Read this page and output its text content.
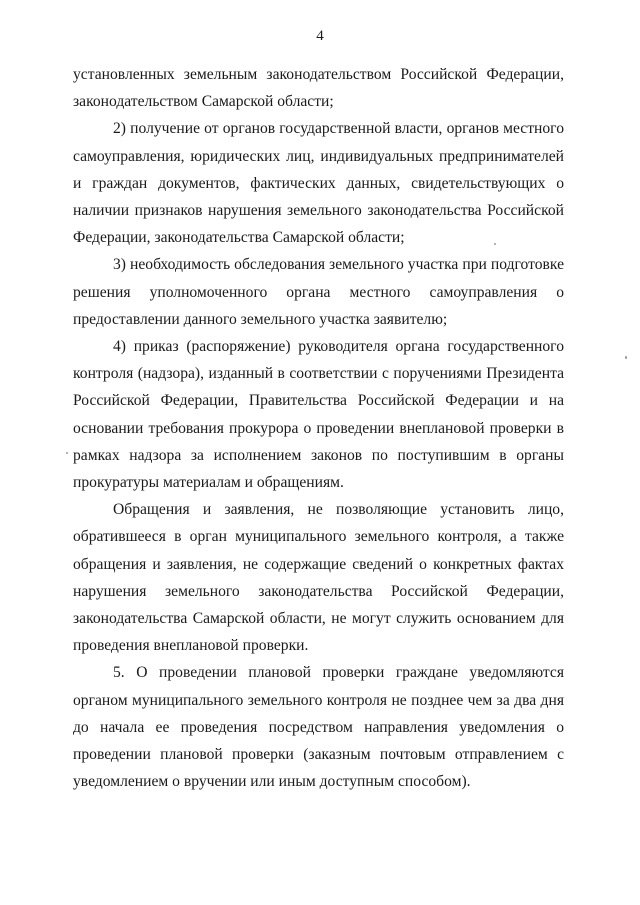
4

установленных земельным законодательством Российской Федерации, законодательством Самарской области;

2) получение от органов государственной власти, органов местного самоуправления, юридических лиц, индивидуальных предпринимателей и граждан документов, фактических данных, свидетельствующих о наличии признаков нарушения земельного законодательства Российской Федерации, законодательства Самарской области;

3) необходимость обследования земельного участка при подготовке решения уполномоченного органа местного самоуправления о предоставлении данного земельного участка заявителю;

4) приказ (распоряжение) руководителя органа государственного контроля (надзора), изданный в соответствии с поручениями Президента Российской Федерации, Правительства Российской Федерации и на основании требования прокурора о проведении внеплановой проверки в рамках надзора за исполнением законов по поступившим в органы прокуратуры материалам и обращениям.

Обращения и заявления, не позволяющие установить лицо, обратившееся в орган муниципального земельного контроля, а также обращения и заявления, не содержащие сведений о конкретных фактах нарушения земельного законодательства Российской Федерации, законодательства Самарской области, не могут служить основанием для проведения внеплановой проверки.

5. О проведении плановой проверки граждане уведомляются органом муниципального земельного контроля не позднее чем за два дня до начала ее проведения посредством направления уведомления о проведении плановой проверки (заказным почтовым отправлением с уведомлением о вручении или иным доступным способом).
